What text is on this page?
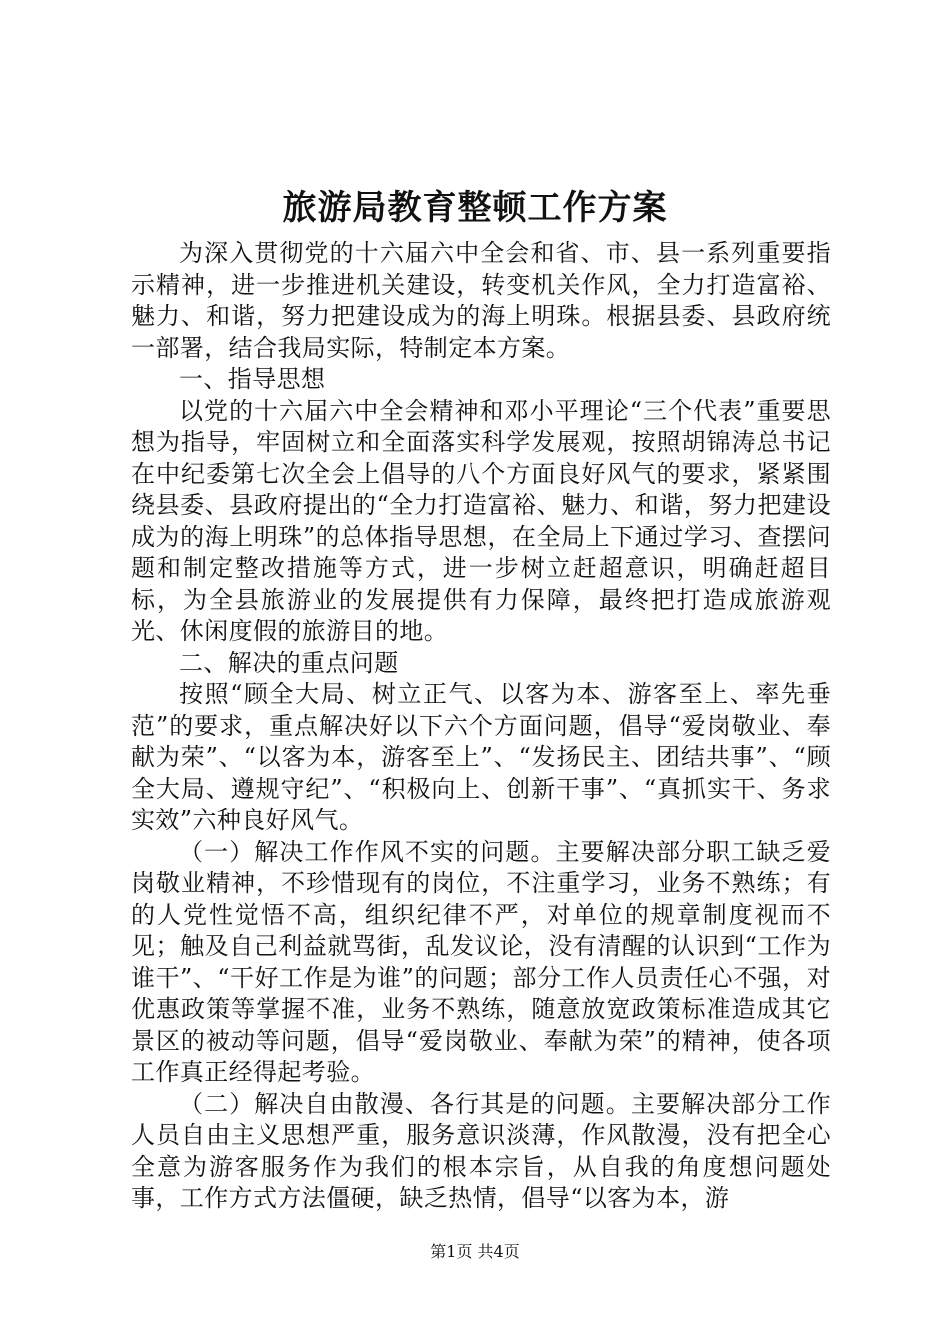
旅游局教育整顿工作方案

为深入贯彻党的十六届六中全会和省、市、县一系列重要指示精神，进一步推进机关建设，转变机关作风，全力打造富裕、魅力、和谐，努力把建设成为的海上明珠。根据县委、县政府统一部署，结合我局实际，特制定本方案。

一、指导思想

以党的十六届六中全会精神和邓小平理论“三个代表”重要思想为指导，牢固树立和全面落实科学发展观，按照胡锦涛总书记在中纪委第七次全会上倡导的八个方面良好风气的要求，紧紧围绕县委、县政府提出的“全力打造富裕、魅力、和谐，努力把建设成为的海上明珠”的总体指导思想，在全局上下通过学习、查摆问题和制定整改措施等方式，进一步树立赶超意识，明确赶超目标，为全县旅游业的发展提供有力保障，最终把打造成旅游观光、休闲度假的旅游目的地。

二、解决的重点问题

按照“顾全大局、树立正气、以客为本、游客至上、率先垂范”的要求，重点解决好以下六个方面问题，倡导“爱岗敬业、奉献为荣”、“以客为本，游客至上”、“发扬民主、团结共事”、“顾全大局、遵规守纪”、“积极向上、创新干事”、“真抓实干、务求实效”六种良好风气。

（一）解决工作作风不实的问题。主要解决部分职工缺乏爱岗敬业精神，不珍惜现有的岗位，不注重学习，业务不熟练；有的人党性觉悟不高，组织纪律不严，对单位的规章制度视而不见；触及自己利益就骂街，乱发议论，没有清醒的认识到“工作为谁干”、“干好工作是为谁”的问题；部分工作人员责任心不强，对优惠政策等掌握不准，业务不熟练，随意放宽政策标准造成其它景区的被动等问题，倡导“爱岗敬业、奉献为荣”的精神，使各项工作真正经得起考验。

（二）解决自由散漫、各行其是的问题。主要解决部分工作人员自由主义思想严重，服务意识淡薄，作风散漫，没有把全心全意为游客服务作为我们的根本宗旨，从自我的角度想问题处事，工作方式方法僵硬，缺乏热情，倡导“以客为本，游

第1页 共4页
